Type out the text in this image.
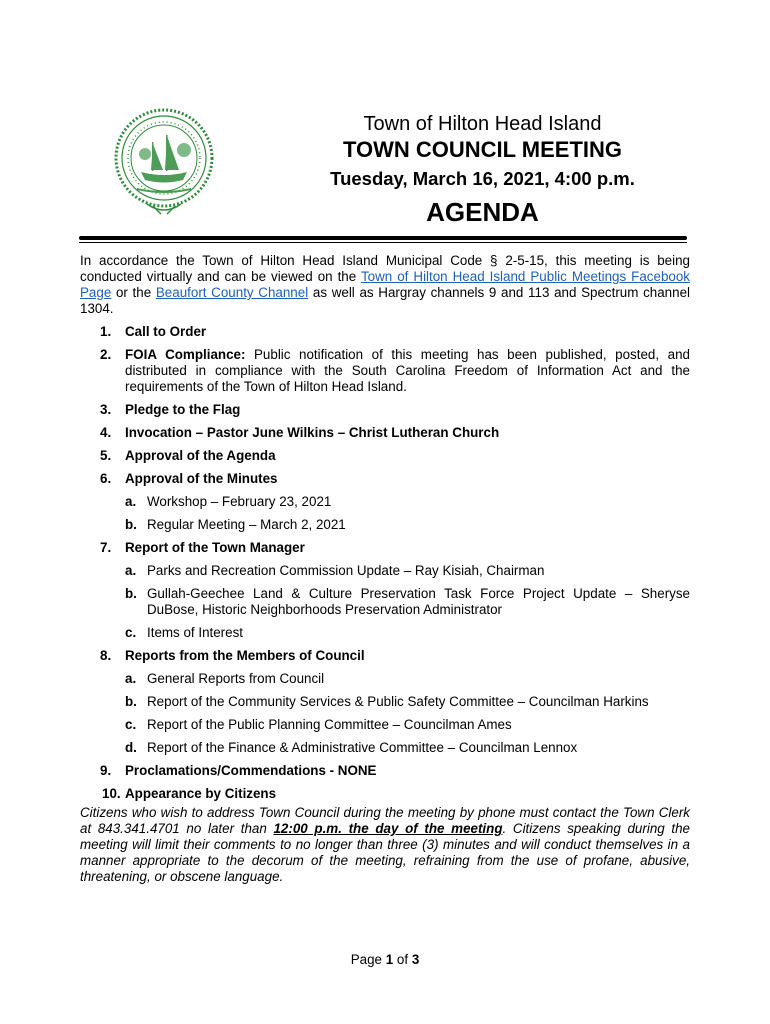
Town of Hilton Head Island
TOWN COUNCIL MEETING
Tuesday, March 16, 2021, 4:00 p.m.
AGENDA

In accordance the Town of Hilton Head Island Municipal Code § 2-5-15, this meeting is being conducted virtually and can be viewed on the Town of Hilton Head Island Public Meetings Facebook Page or the Beaufort County Channel as well as Hargray channels 9 and 113 and Spectrum channel 1304.

1. Call to Order
2. FOIA Compliance: Public notification of this meeting has been published, posted, and distributed in compliance with the South Carolina Freedom of Information Act and the requirements of the Town of Hilton Head Island.
3. Pledge to the Flag
4. Invocation – Pastor June Wilkins – Christ Lutheran Church
5. Approval of the Agenda
6. Approval of the Minutes
a. Workshop – February 23, 2021
b. Regular Meeting – March 2, 2021
7. Report of the Town Manager
a. Parks and Recreation Commission Update – Ray Kisiah, Chairman
b. Gullah-Geechee Land & Culture Preservation Task Force Project Update – Sheryse DuBose, Historic Neighborhoods Preservation Administrator
c. Items of Interest
8. Reports from the Members of Council
a. General Reports from Council
b. Report of the Community Services & Public Safety Committee – Councilman Harkins
c. Report of the Public Planning Committee – Councilman Ames
d. Report of the Finance & Administrative Committee – Councilman Lennox
9. Proclamations/Commendations - NONE
10. Appearance by Citizens

Citizens who wish to address Town Council during the meeting by phone must contact the Town Clerk at 843.341.4701 no later than 12:00 p.m. the day of the meeting. Citizens speaking during the meeting will limit their comments to no longer than three (3) minutes and will conduct themselves in a manner appropriate to the decorum of the meeting, refraining from the use of profane, abusive, threatening, or obscene language.

Page 1 of 3
